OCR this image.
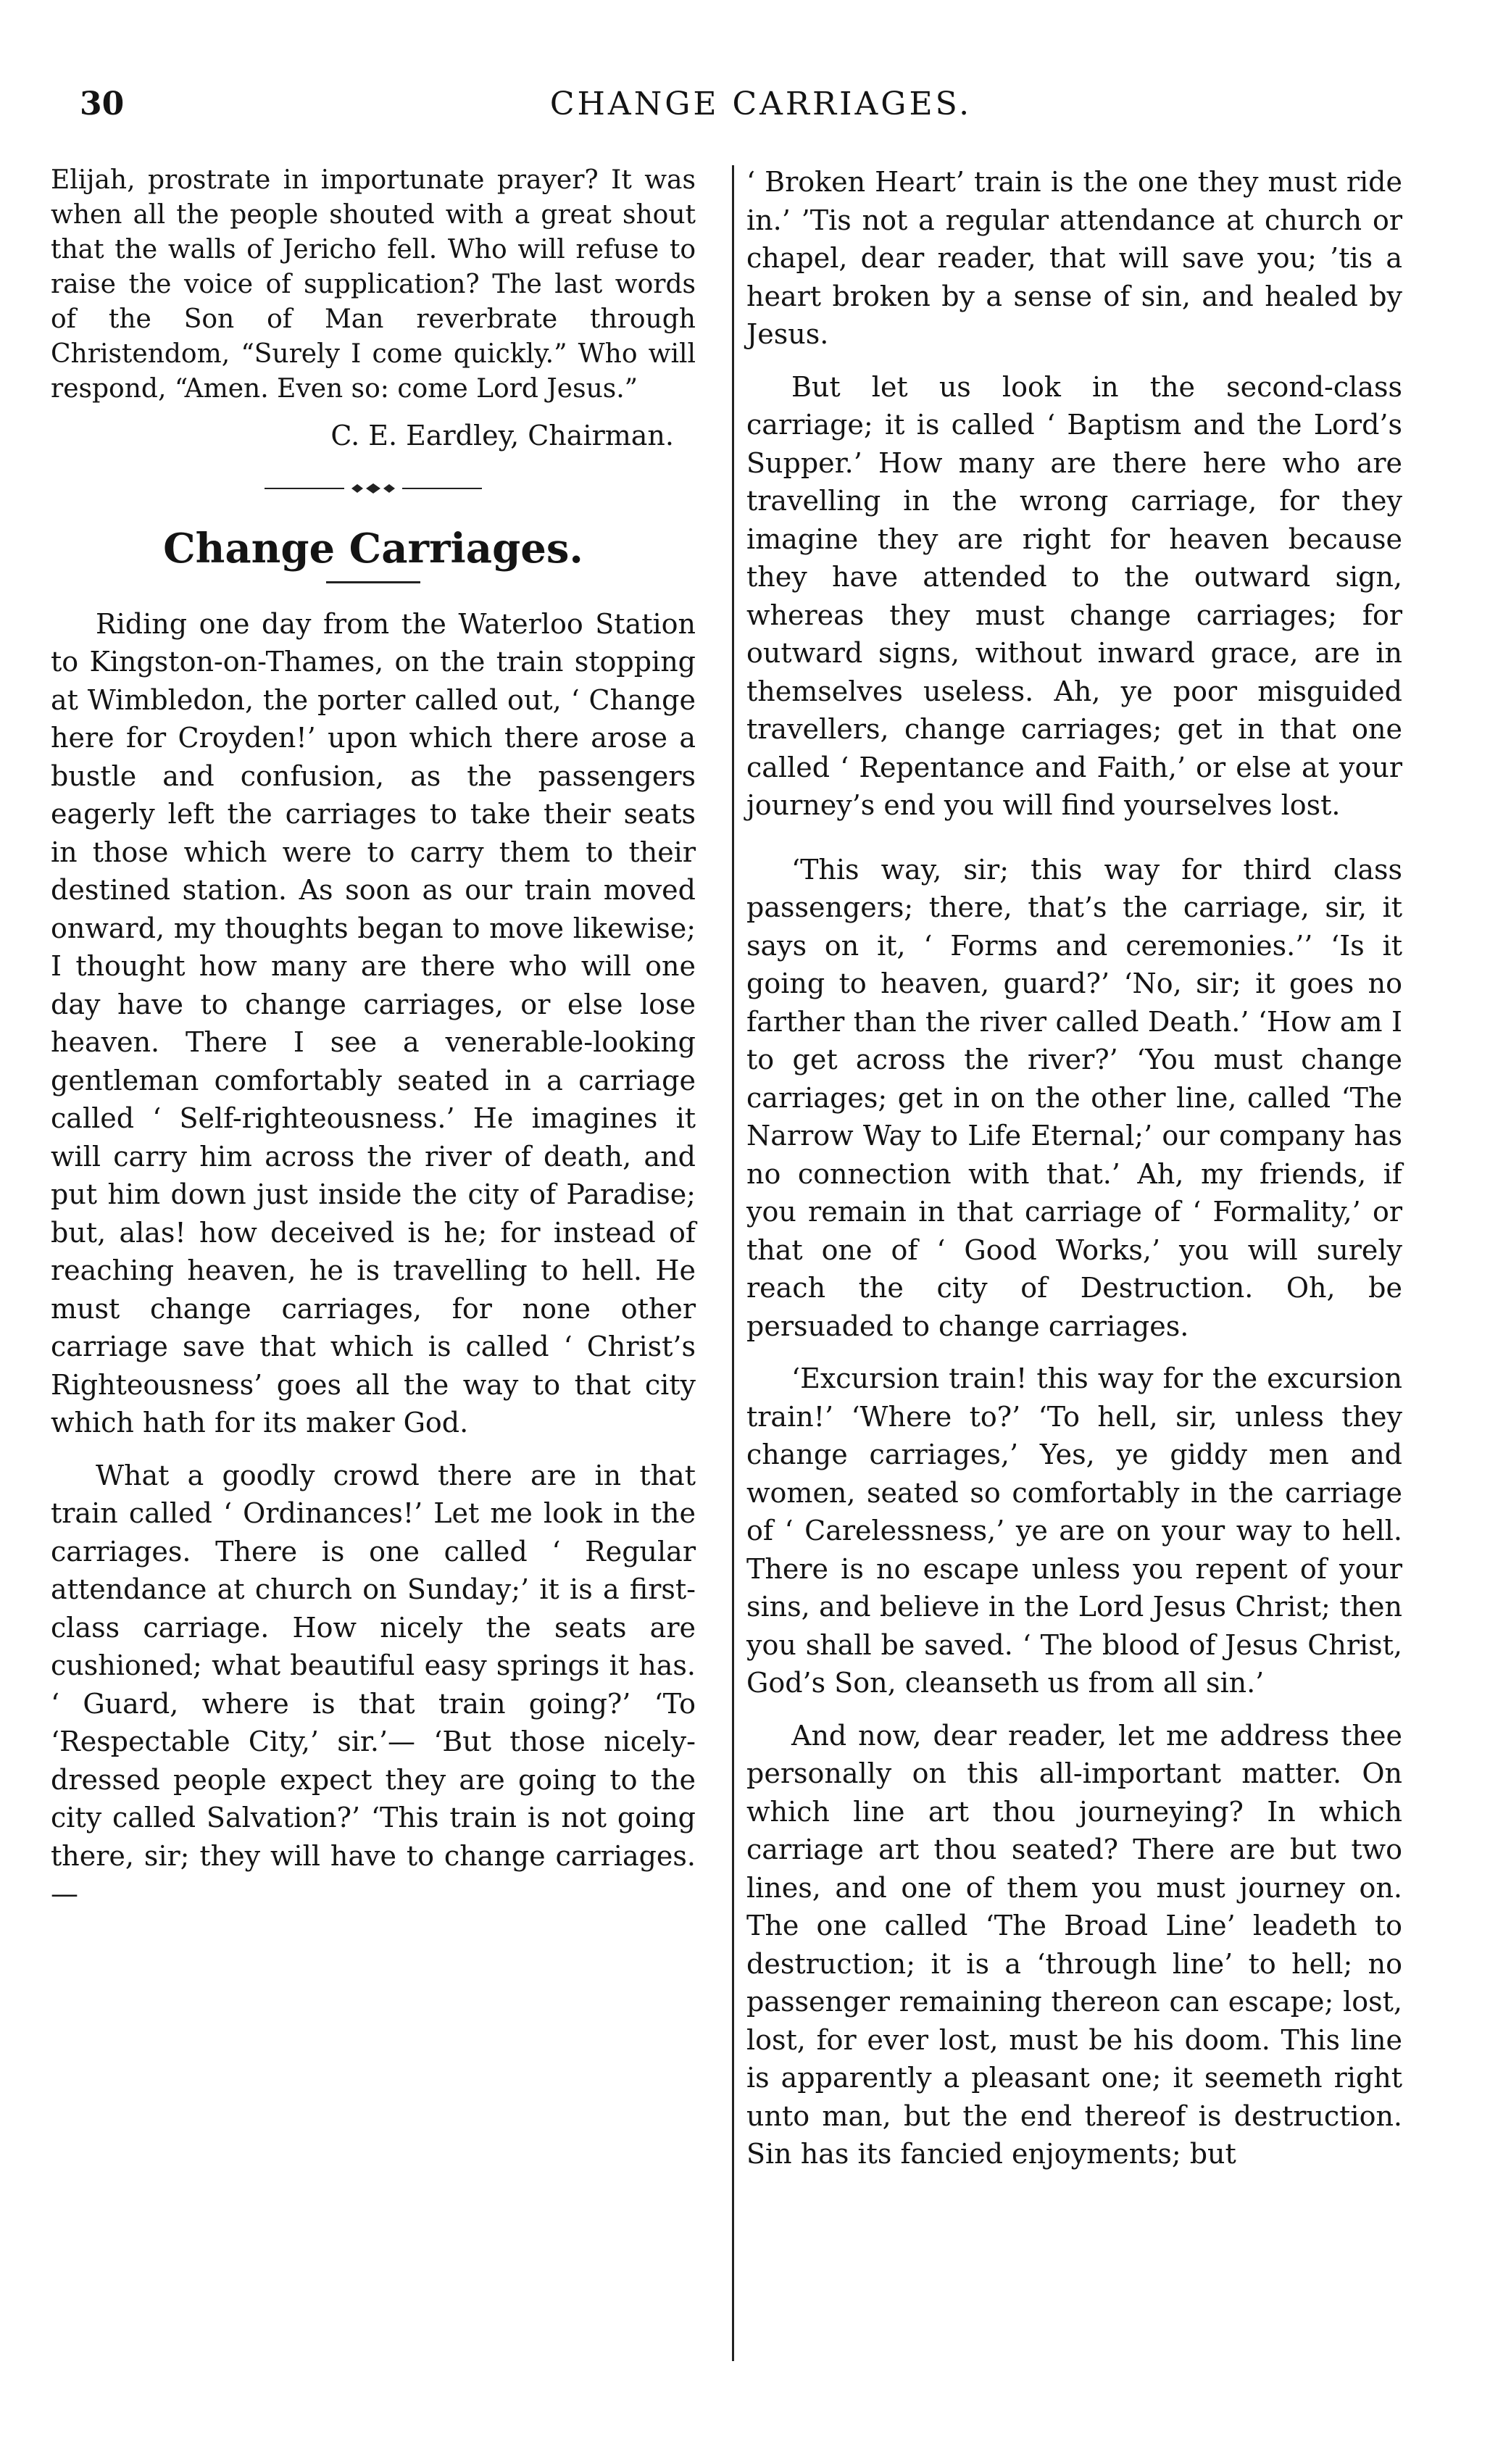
30	CHANGE CARRIAGES.

Elijah, prostrate in importunate prayer? It was when all the people shouted with a great shout that the walls of Jericho fell. Who will refuse to raise the voice of supplication? The last words of the Son of Man reverbrate through Christendom, “Surely I come quickly.” Who will respond, “Amen. Even so: come Lord Jesus.”

C. E. Eardley, Chairman.
Change Carriages.

Riding one day from the Waterloo Station to Kingston-on-Thames, on the train stopping at Wimbledon, the porter called out, ‘ Change here for Croyden!’ upon which there arose a bustle and confusion, as the passengers eagerly left the carriages to take their seats in those which were to carry them to their destined station. As soon as our train moved onward, my thoughts began to move likewise; I thought how many are there who will one day have to change carriages, or else lose heaven. There I see a venerable-looking gentleman comfortably seated in a carriage called ‘ Self-righteousness.’ He imagines it will carry him across the river of death, and put him down just inside the city of Paradise; but, alas! how deceived is he; for instead of reaching heaven, he is travelling to hell. He must change carriages, for none other carriage save that which is called ‘ Christ’s Righteousness’ goes all the way to that city which hath for its maker God.

What a goodly crowd there are in that train called ‘ Ordinances!’ Let me look in the carriages. There is one called ‘ Regular attendance at church on Sunday;’ it is a first-class carriage. How nicely the seats are cushioned; what beautiful easy springs it has. ‘ Guard, where is that train going?’ ‘To ‘Respectable City,’ sir.’— ‘But those nicely-dressed people expect they are going to the city called Salvation?’ ‘This train is not going there, sir; they will have to change carriages.—

‘ Broken Heart’ train is the one they must ride in.’ ’Tis not a regular attendance at church or chapel, dear reader, that will save you; ’tis a heart broken by a sense of sin, and healed by Jesus.

But let us look in the second-class carriage; it is called ‘ Baptism and the Lord’s Supper.’ How many are there here who are travelling in the wrong carriage, for they imagine they are right for heaven because they have attended to the outward sign, whereas they must change carriages; for outward signs, without inward grace, are in themselves useless. Ah, ye poor misguided travellers, change carriages; get in that one called ‘ Repentance and Faith,’ or else at your journey’s end you will find yourselves lost.

‘This way, sir; this way for third class passengers; there, that’s the carriage, sir, it says on it, ‘ Forms and ceremonies.’’ ‘Is it going to heaven, guard?’ ‘No, sir; it goes no farther than the river called Death.’ ‘How am I to get across the river?’ ‘You must change carriages; get in on the other line, called ‘The Narrow Way to Life Eternal;’ our company has no connection with that.’ Ah, my friends, if you remain in that carriage of ‘ Formality,’ or that one of ‘ Good Works,’ you will surely reach the city of Destruction. Oh, be persuaded to change carriages.

‘Excursion train! this way for the excursion train!’ ‘Where to?’ ‘To hell, sir, unless they change carriages,’ Yes, ye giddy men and women, seated so comfortably in the carriage of ‘ Carelessness,’ ye are on your way to hell. There is no escape unless you repent of your sins, and believe in the Lord Jesus Christ; then you shall be saved. ‘ The blood of Jesus Christ, God’s Son, cleanseth us from all sin.’

And now, dear reader, let me address thee personally on this all-important matter. On which line art thou journeying? In which carriage art thou seated? There are but two lines, and one of them you must journey on. The one called ‘The Broad Line’ leadeth to destruction; it is a ‘through line’ to hell; no passenger remaining thereon can escape; lost, lost, for ever lost, must be his doom. This line is apparently a pleasant one; it seemeth right unto man, but the end thereof is destruction. Sin has its fancied enjoyments; but
